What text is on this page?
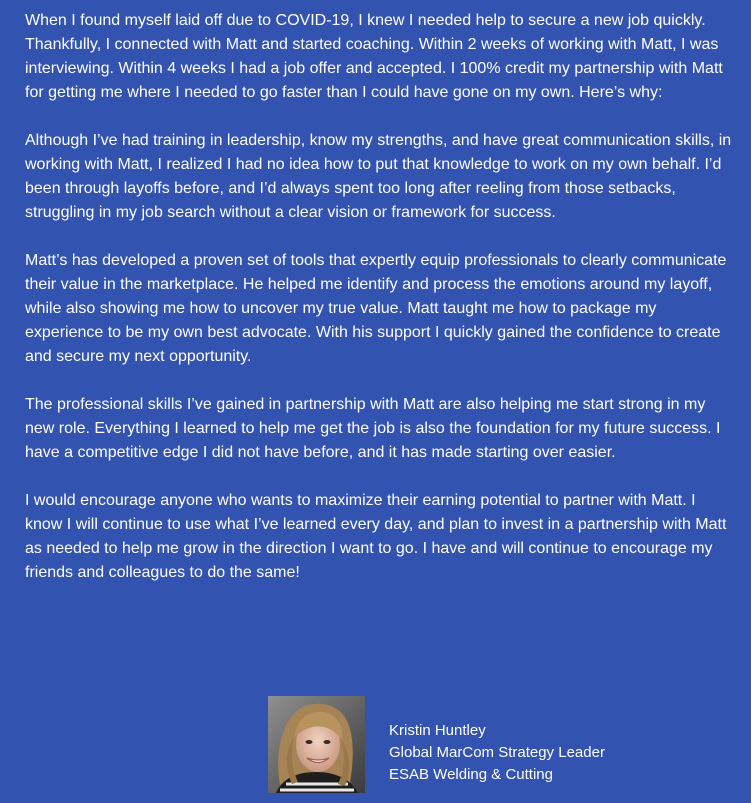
When I found myself laid off due to COVID-19, I knew I needed help to secure a new job quickly. Thankfully, I connected with Matt and started coaching. Within 2 weeks of working with Matt, I was interviewing. Within 4 weeks I had a job offer and accepted. I 100% credit my partnership with Matt for getting me where I needed to go faster than I could have gone on my own. Here’s why:

Although I’ve had training in leadership, know my strengths, and have great communication skills, in working with Matt, I realized I had no idea how to put that knowledge to work on my own behalf. I’d been through layoffs before, and I’d always spent too long after reeling from those setbacks, struggling in my job search without a clear vision or framework for success.

Matt’s has developed a proven set of tools that expertly equip professionals to clearly communicate their value in the marketplace. He helped me identify and process the emotions around my layoff, while also showing me how to uncover my true value. Matt taught me how to package my experience to be my own best advocate. With his support I quickly gained the confidence to create and secure my next opportunity.

The professional skills I’ve gained in partnership with Matt are also helping me start strong in my new role. Everything I learned to help me get the job is also the foundation for my future success. I have a competitive edge I did not have before, and it has made starting over easier.

I would encourage anyone who wants to maximize their earning potential to partner with Matt. I know I will continue to use what I’ve learned every day, and plan to invest in a partnership with Matt as needed to help me grow in the direction I want to go. I have and will continue to encourage my friends and colleagues to do the same!

Kristin Huntley
Global MarCom Strategy Leader
ESAB Welding & Cutting
